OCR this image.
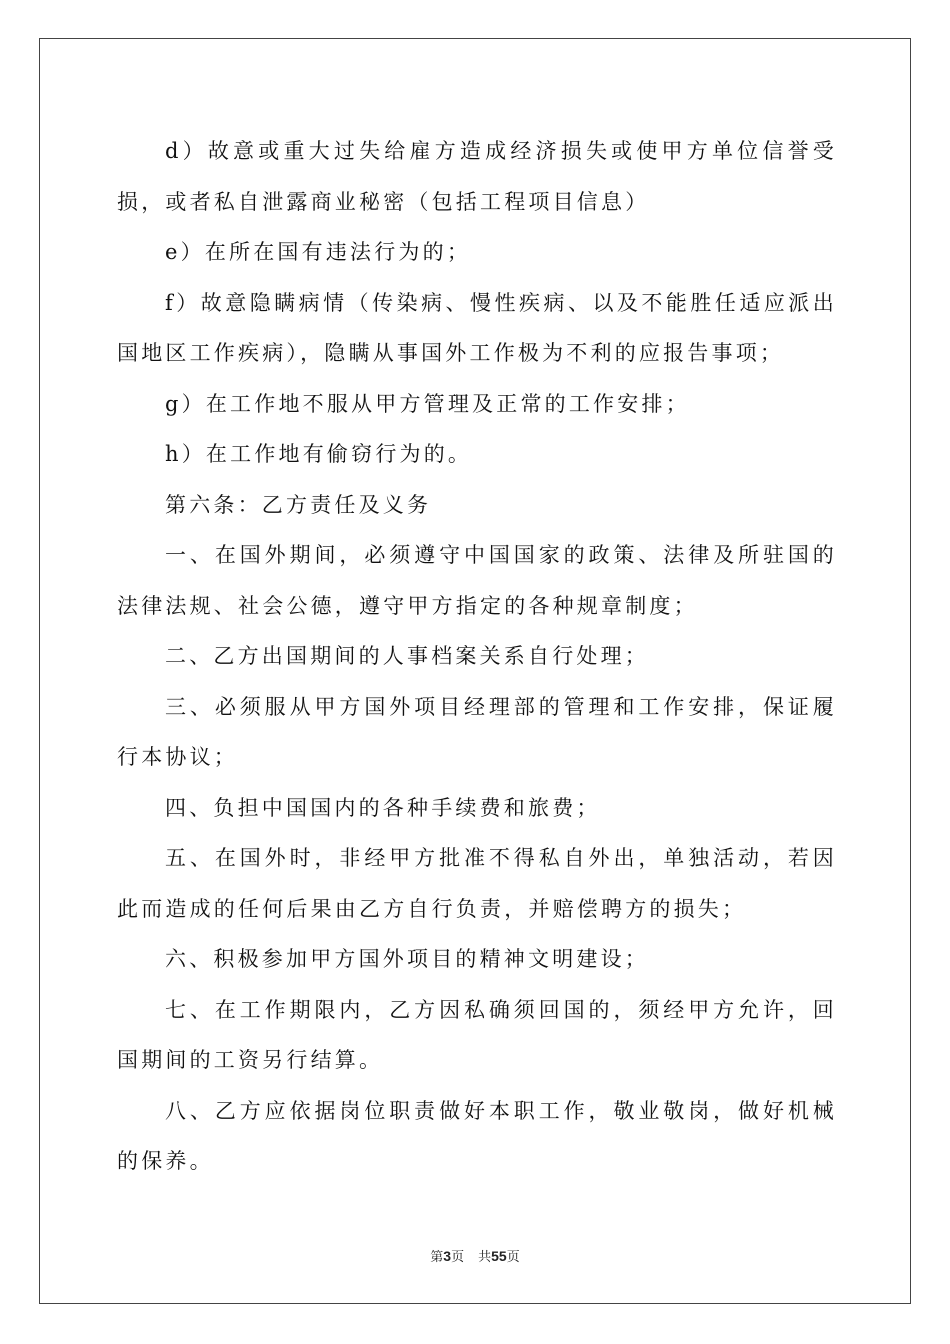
d）故意或重大过失给雇方造成经济损失或使甲方单位信誉受损，或者私自泄露商业秘密（包括工程项目信息）

e）在所在国有违法行为的；

f）故意隐瞒病情（传染病、慢性疾病、以及不能胜任适应派出国地区工作疾病），隐瞒从事国外工作极为不利的应报告事项；

g）在工作地不服从甲方管理及正常的工作安排；

h）在工作地有偷窃行为的。

第六条：乙方责任及义务

一、在国外期间，必须遵守中国国家的政策、法律及所驻国的法律法规、社会公德，遵守甲方指定的各种规章制度；

二、乙方出国期间的人事档案关系自行处理；

三、必须服从甲方国外项目经理部的管理和工作安排，保证履行本协议；

四、负担中国国内的各种手续费和旅费；

五、在国外时，非经甲方批准不得私自外出，单独活动，若因此而造成的任何后果由乙方自行负责，并赔偿聘方的损失；

六、积极参加甲方国外项目的精神文明建设；

七、在工作期限内，乙方因私确须回国的，须经甲方允许，回国期间的工资另行结算。

八、乙方应依据岗位职责做好本职工作，敬业敬岗，做好机械的保养。

第3页 共55页
